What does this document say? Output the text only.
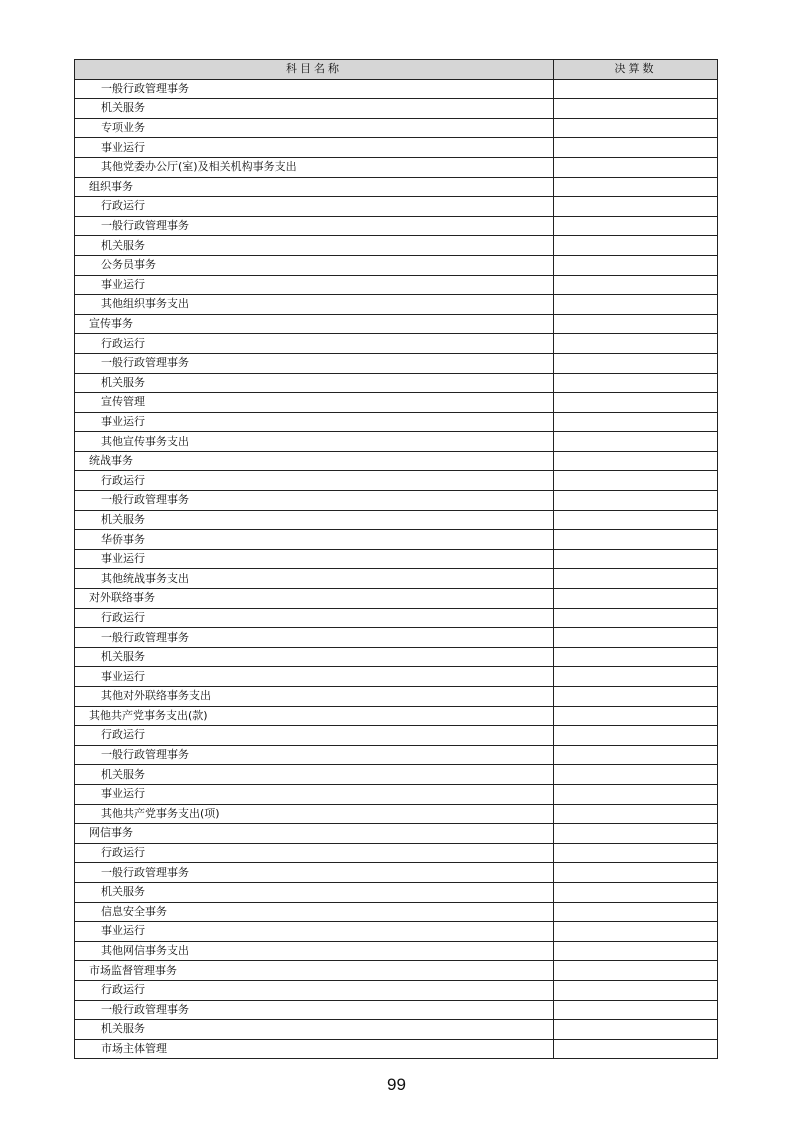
科目名称	决算数
一般行政管理事务	
机关服务	
专项业务	
事业运行	
其他党委办公厅(室)及相关机构事务支出	
组织事务	
行政运行	
一般行政管理事务	
机关服务	
公务员事务	
事业运行	
其他组织事务支出	
宣传事务	
行政运行	
一般行政管理事务	
机关服务	
宣传管理	
事业运行	
其他宣传事务支出	
统战事务	
行政运行	
一般行政管理事务	
机关服务	
华侨事务	
事业运行	
其他统战事务支出	
对外联络事务	
行政运行	
一般行政管理事务	
机关服务	
事业运行	
其他对外联络事务支出	
其他共产党事务支出(款)	
行政运行	
一般行政管理事务	
机关服务	
事业运行	
其他共产党事务支出(项)	
网信事务	
行政运行	
一般行政管理事务	
机关服务	
信息安全事务	
事业运行	
其他网信事务支出	
市场监督管理事务	
行政运行	
一般行政管理事务	
机关服务	
市场主体管理	
99
